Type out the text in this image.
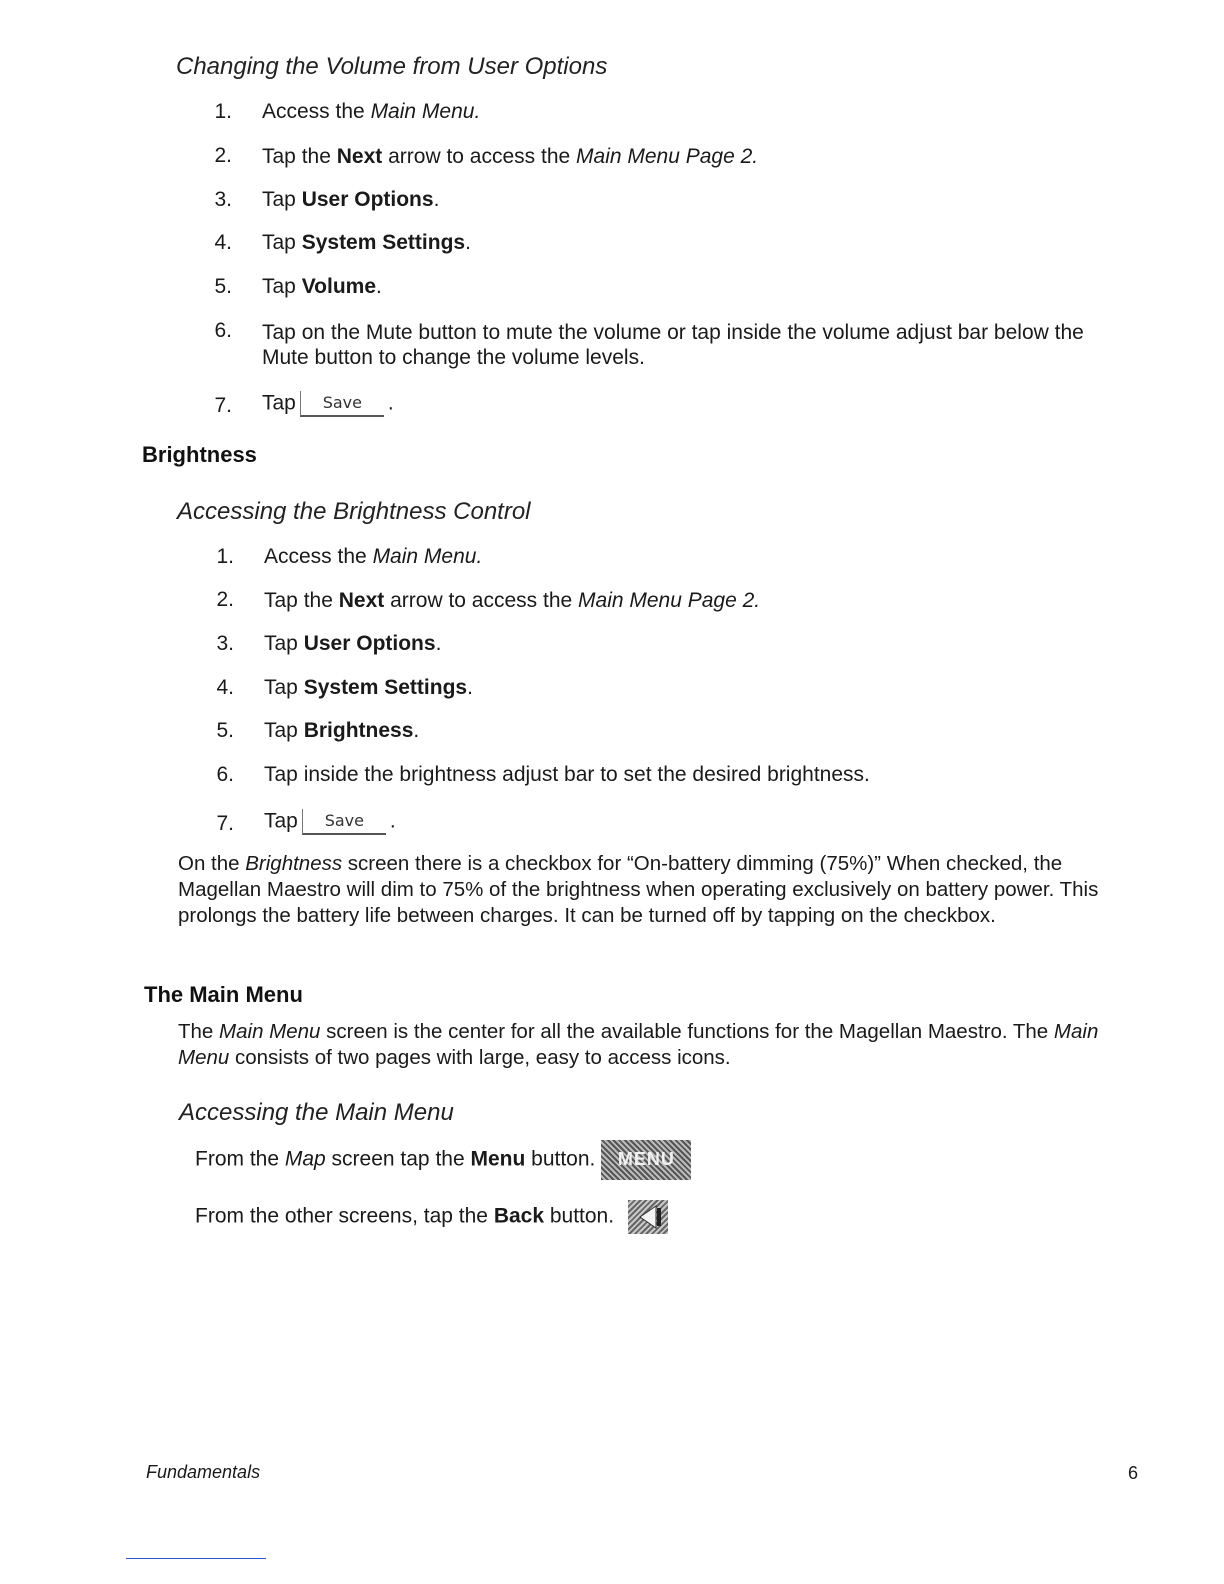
Changing the Volume from User Options
1. Access the Main Menu.
2. Tap the Next arrow to access the Main Menu Page 2.
3. Tap User Options.
4. Tap System Settings.
5. Tap Volume.
6. Tap on the Mute button to mute the volume or tap inside the volume adjust bar below the Mute button to change the volume levels.
7. Tap Save .
Brightness
Accessing the Brightness Control
1. Access the Main Menu.
2. Tap the Next arrow to access the Main Menu Page 2.
3. Tap User Options.
4. Tap System Settings.
5. Tap Brightness.
6. Tap inside the brightness adjust bar to set the desired brightness.
7. Tap Save .
On the Brightness screen there is a checkbox for “On-battery dimming (75%)” When checked, the Magellan Maestro will dim to 75% of the brightness when operating exclusively on battery power. This prolongs the battery life between charges. It can be turned off by tapping on the checkbox.
The Main Menu
The Main Menu screen is the center for all the available functions for the Magellan Maestro. The Main Menu consists of two pages with large, easy to access icons.
Accessing the Main Menu
From the Map screen tap the Menu button.	MENU
From the other screens, tap the Back button.
Fundamentals	6
